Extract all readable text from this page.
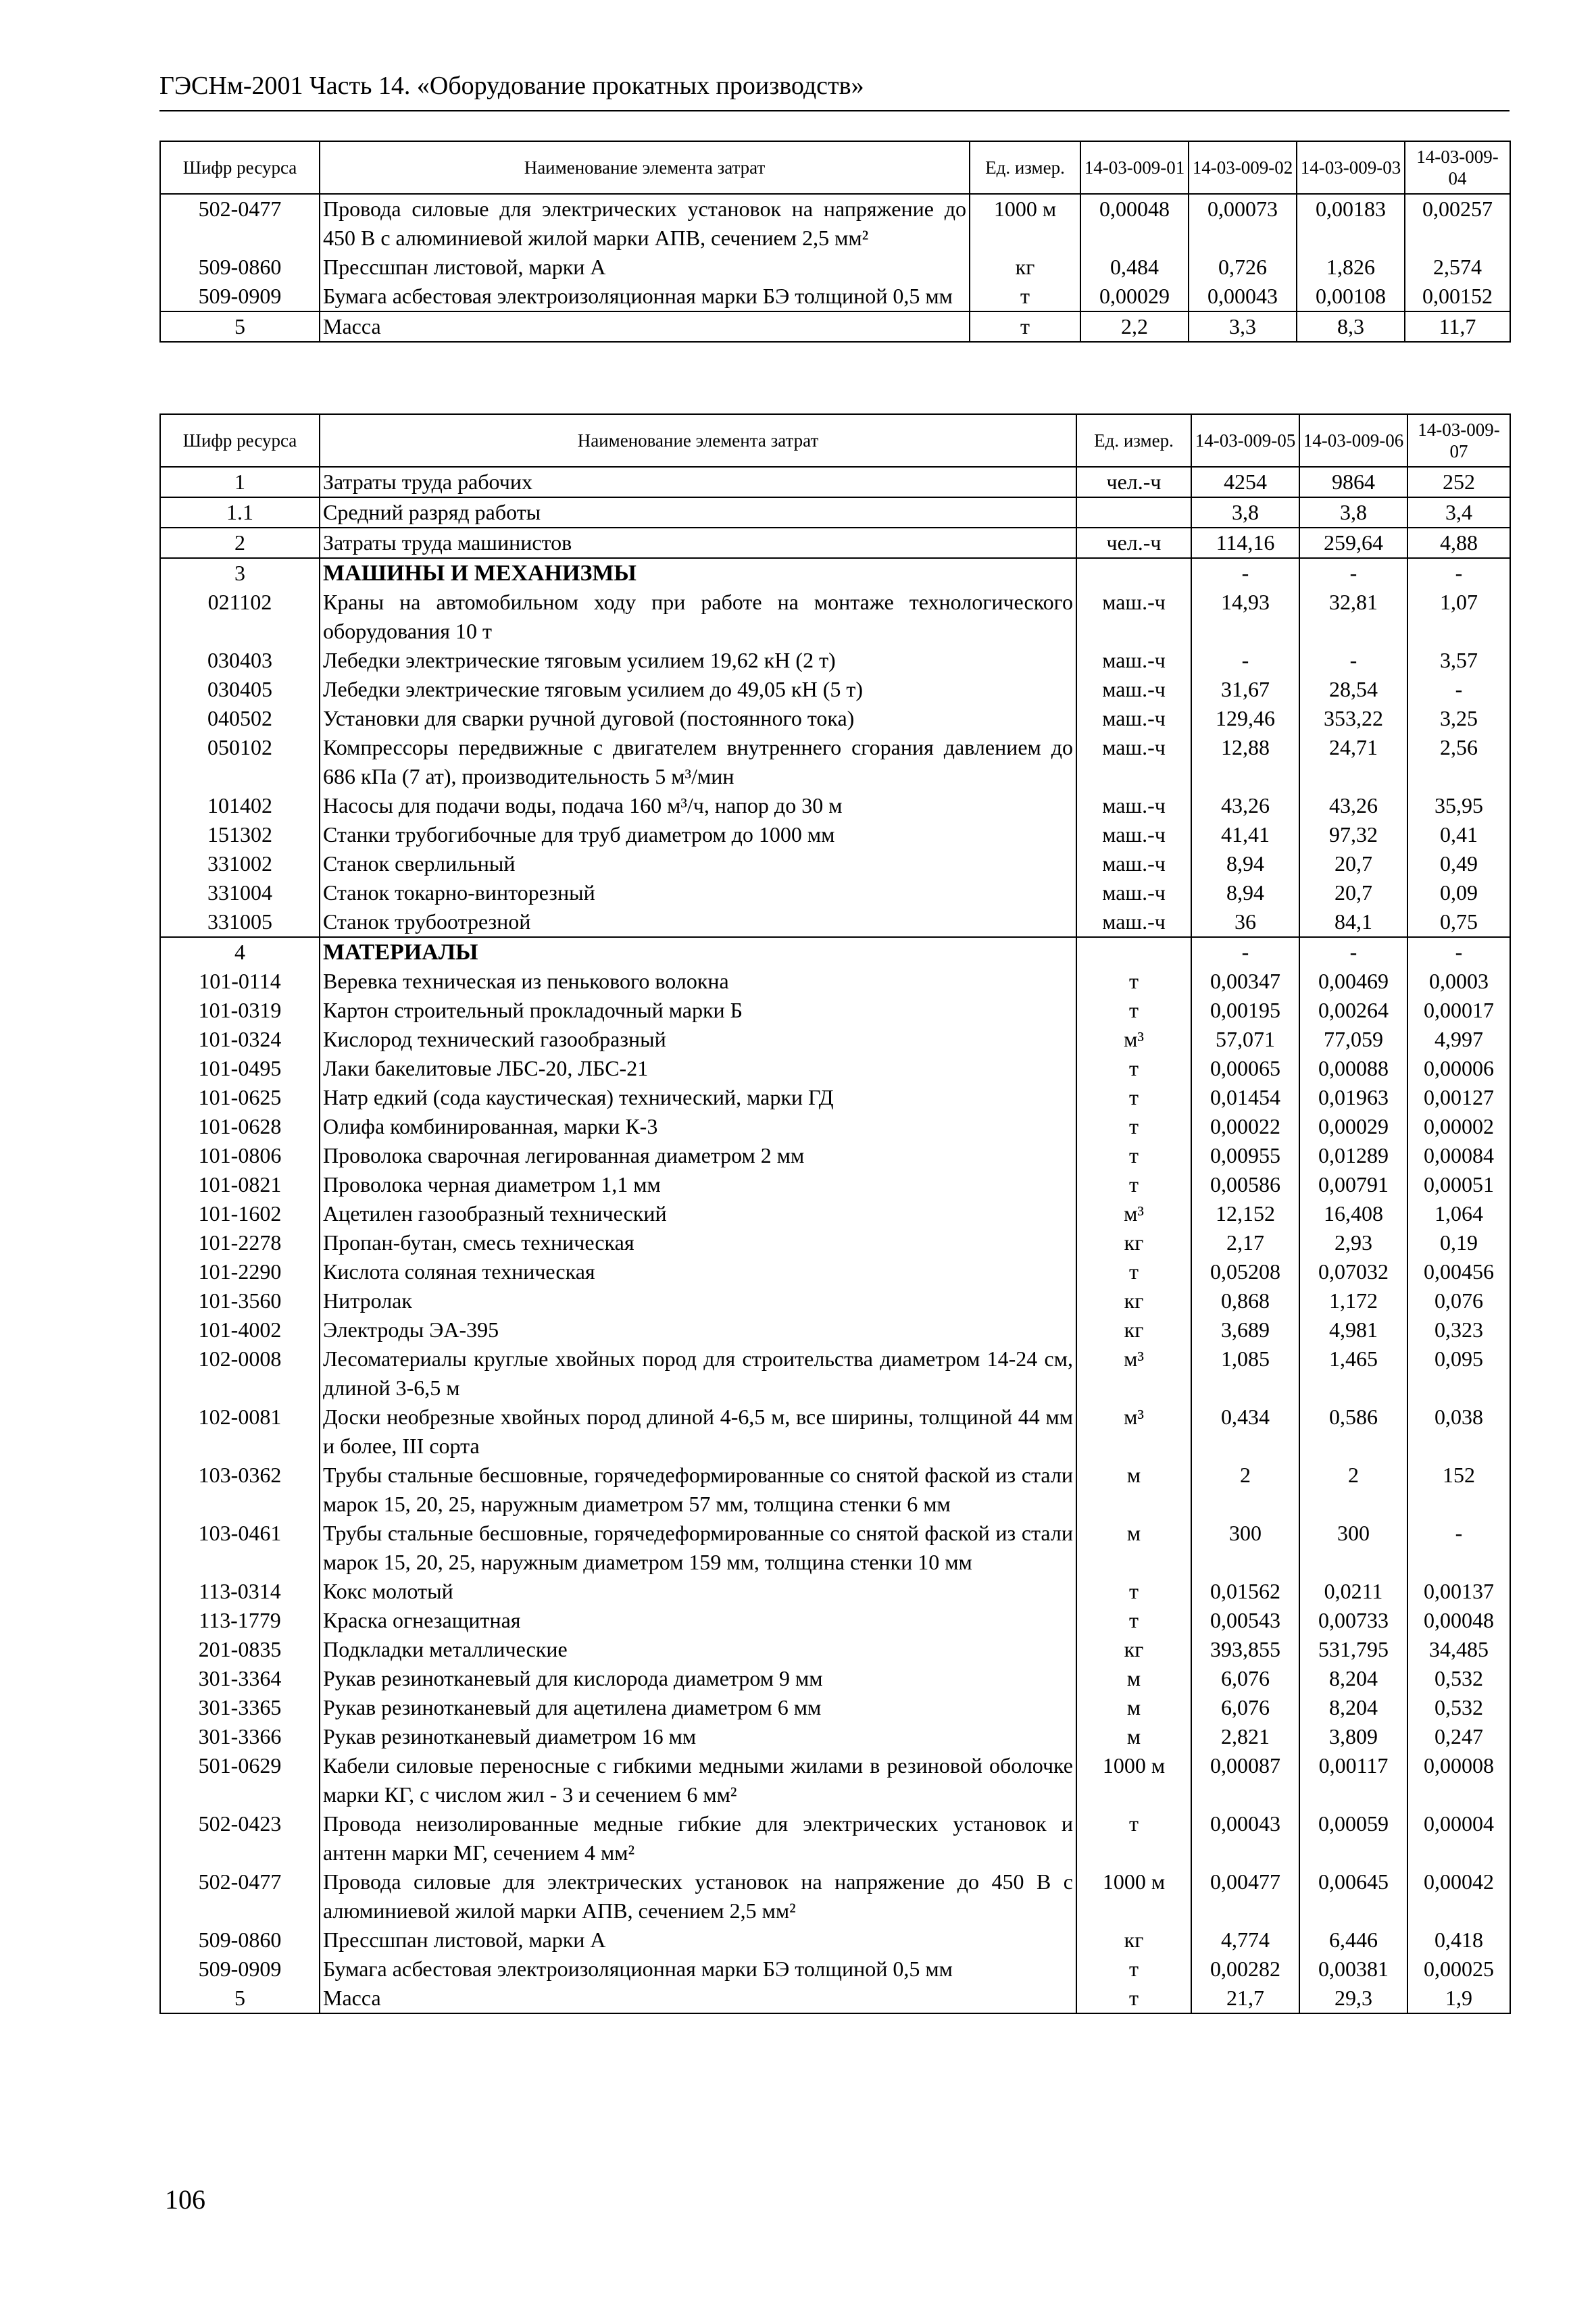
ГЭСНм-2001 Часть 14. «Оборудование прокатных производств»
Шифр ресурса	Наименование элемента затрат	Ед. измер.	14-03-009-01	14-03-009-02	14-03-009-03	14-03-009-04
502-0477	Провода силовые для электрических установок на напряжение до 450 В с алюминиевой жилой марки АПВ, сечением 2,5 мм²	1000 м	0,00048	0,00073	0,00183	0,00257
509-0860	Прессшпан листовой, марки А	кг	0,484	0,726	1,826	2,574
509-0909	Бумага асбестовая электроизоляционная марки БЭ толщиной 0,5 мм	т	0,00029	0,00043	0,00108	0,00152
5	Масса	т	2,2	3,3	8,3	11,7
Шифр ресурса	Наименование элемента затрат	Ед. измер.	14-03-009-05	14-03-009-06	14-03-009-07
1	Затраты труда рабочих	чел.-ч	4254	9864	252
1.1	Средний разряд работы		3,8	3,8	3,4
2	Затраты труда машинистов	чел.-ч	114,16	259,64	4,88
3	МАШИНЫ И МЕХАНИЗМЫ		-	-	-
021102	Краны на автомобильном ходу при работе на монтаже технологического оборудования 10 т	маш.-ч	14,93	32,81	1,07
030403	Лебедки электрические тяговым усилием 19,62 кН (2 т)	маш.-ч	-	-	3,57
030405	Лебедки электрические тяговым усилием до 49,05 кН (5 т)	маш.-ч	31,67	28,54	-
040502	Установки для сварки ручной дуговой (постоянного тока)	маш.-ч	129,46	353,22	3,25
050102	Компрессоры передвижные с двигателем внутреннего сгорания давлением до 686 кПа (7 ат), производительность 5 м³/мин	маш.-ч	12,88	24,71	2,56
101402	Насосы для подачи воды, подача 160 м³/ч, напор до 30 м	маш.-ч	43,26	43,26	35,95
151302	Станки трубогибочные для труб диаметром до 1000 мм	маш.-ч	41,41	97,32	0,41
331002	Станок сверлильный	маш.-ч	8,94	20,7	0,49
331004	Станок токарно-винторезный	маш.-ч	8,94	20,7	0,09
331005	Станок трубоотрезной	маш.-ч	36	84,1	0,75
4	МАТЕРИАЛЫ		-	-	-
101-0114	Веревка техническая из пенькового волокна	т	0,00347	0,00469	0,0003
101-0319	Картон строительный прокладочный марки Б	т	0,00195	0,00264	0,00017
101-0324	Кислород технический газообразный	м³	57,071	77,059	4,997
101-0495	Лаки бакелитовые ЛБС-20, ЛБС-21	т	0,00065	0,00088	0,00006
101-0625	Натр едкий (сода каустическая) технический, марки ГД	т	0,01454	0,01963	0,00127
101-0628	Олифа комбинированная, марки К-3	т	0,00022	0,00029	0,00002
101-0806	Проволока сварочная легированная диаметром 2 мм	т	0,00955	0,01289	0,00084
101-0821	Проволока черная диаметром 1,1 мм	т	0,00586	0,00791	0,00051
101-1602	Ацетилен газообразный технический	м³	12,152	16,408	1,064
101-2278	Пропан-бутан, смесь техническая	кг	2,17	2,93	0,19
101-2290	Кислота соляная техническая	т	0,05208	0,07032	0,00456
101-3560	Нитролак	кг	0,868	1,172	0,076
101-4002	Электроды ЭА-395	кг	3,689	4,981	0,323
102-0008	Лесоматериалы круглые хвойных пород для строительства диаметром 14-24 см, длиной 3-6,5 м	м³	1,085	1,465	0,095
102-0081	Доски необрезные хвойных пород длиной 4-6,5 м, все ширины, толщиной 44 мм и более, III сорта	м³	0,434	0,586	0,038
103-0362	Трубы стальные бесшовные, горячедеформированные со снятой фаской из стали марок 15, 20, 25, наружным диаметром 57 мм, толщина стенки 6 мм	м	2	2	152
103-0461	Трубы стальные бесшовные, горячедеформированные со снятой фаской из стали марок 15, 20, 25, наружным диаметром 159 мм, толщина стенки 10 мм	м	300	300	-
113-0314	Кокс молотый	т	0,01562	0,0211	0,00137
113-1779	Краска огнезащитная	т	0,00543	0,00733	0,00048
201-0835	Подкладки металлические	кг	393,855	531,795	34,485
301-3364	Рукав резинотканевый для кислорода диаметром 9 мм	м	6,076	8,204	0,532
301-3365	Рукав резинотканевый для ацетилена диаметром 6 мм	м	6,076	8,204	0,532
301-3366	Рукав резинотканевый диаметром 16 мм	м	2,821	3,809	0,247
501-0629	Кабели силовые переносные с гибкими медными жилами в резиновой оболочке марки КГ, с числом жил - 3 и сечением 6 мм²	1000 м	0,00087	0,00117	0,00008
502-0423	Провода неизолированные медные гибкие для электрических установок и антенн марки МГ, сечением 4 мм²	т	0,00043	0,00059	0,00004
502-0477	Провода силовые для электрических установок на напряжение до 450 В с алюминиевой жилой марки АПВ, сечением 2,5 мм²	1000 м	0,00477	0,00645	0,00042
509-0860	Прессшпан листовой, марки А	кг	4,774	6,446	0,418
509-0909	Бумага асбестовая электроизоляционная марки БЭ толщиной 0,5 мм	т	0,00282	0,00381	0,00025
5	Масса	т	21,7	29,3	1,9
106
